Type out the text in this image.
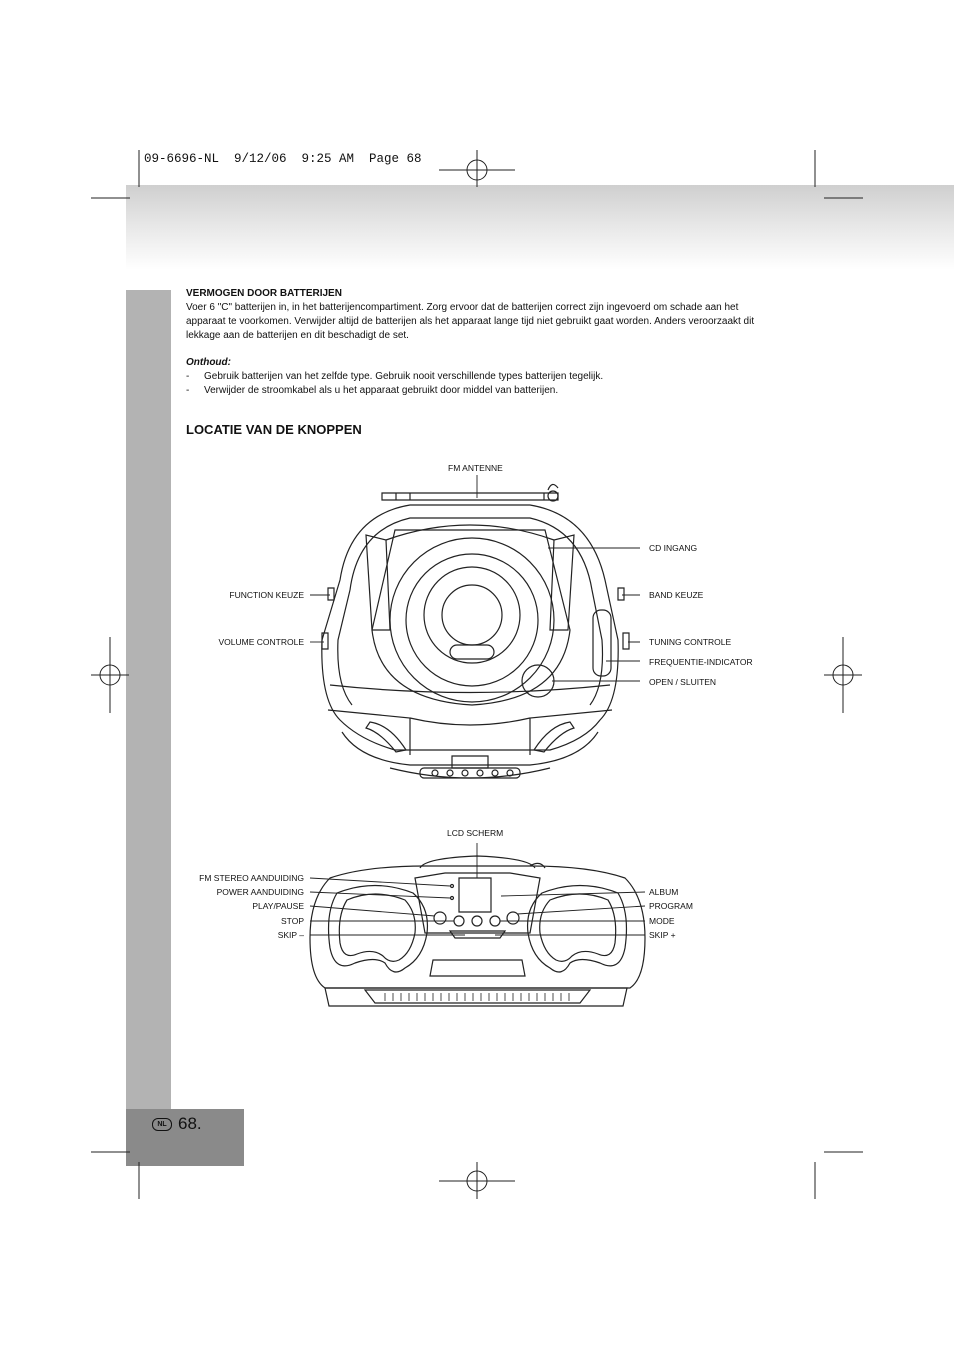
09-6696-NL  9/12/06  9:25 AM  Page 68
VERMOGEN DOOR BATTERIJEN
Voer 6 "C" batterijen in, in het batterijencompartiment. Zorg ervoor dat de batterijen correct zijn ingevoerd om schade aan het apparaat te voorkomen. Verwijder altijd de batterijen als het apparaat lange tijd niet gebruikt gaat worden. Anders veroorzaakt dit lekkage aan de batterijen en dit beschadigt de set.
Onthoud:
- Gebruik batterijen van het zelfde type. Gebruik nooit verschillende types batterijen tegelijk.
- Verwijder de stroomkabel als u het apparaat gebruikt door middel van batterijen.
LOCATIE VAN DE KNOPPEN
FM ANTENNE
CD INGANG
FUNCTION KEUZE	BAND KEUZE
VOLUME CONTROLE	TUNING CONTROLE
FREQUENTIE-INDICATOR
OPEN / SLUITEN
LCD SCHERM
FM STEREO AANDUIDING
POWER AANDUIDING
PLAY/PAUSE
STOP
SKIP –
ALBUM
PROGRAM
MODE
SKIP +
NL 68.
